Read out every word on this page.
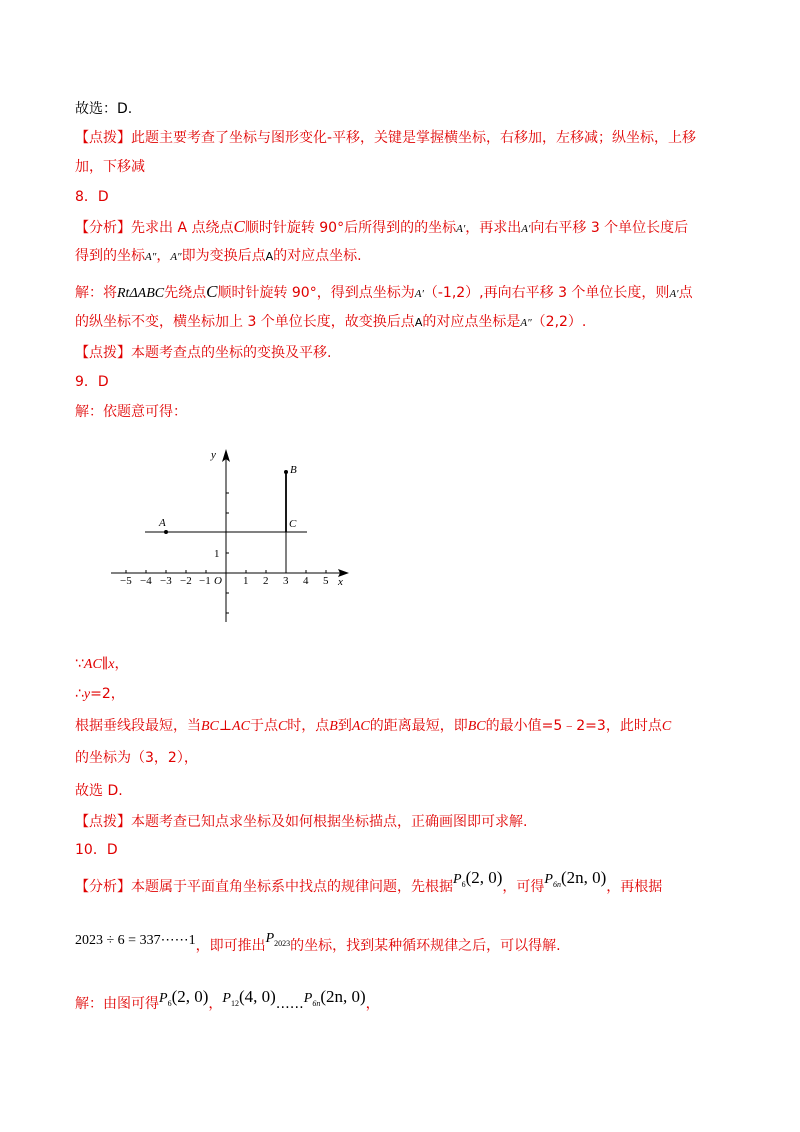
故选：D.
【点拨】此题主要考查了坐标与图形变化-平移，关键是掌握横坐标，右移加，左移减；纵坐标，上移
加，下移减
8．D
【分析】先求出 A 点绕点C顺时针旋转 90°后所得到的的坐标A′，再求出A′向右平移 3 个单位长度后
得到的坐标A″，A″即为变换后点A的对应点坐标.
解：将RtΔABC先绕点C顺时针旋转 90°，得到点坐标为A′（-1,2）,再向右平移 3 个单位长度，则A′点
的纵坐标不变，横坐标加上 3 个单位长度，故变换后点A的对应点坐标是A″（2,2）.
【点拨】本题考查点的坐标的变换及平移.
9．D
解：依题意可得：
−5 −4 −3 −2 −1	1 2 3 4 5
1
O	x
y
A
B
C
∵AC∥x，
∴y=2，
根据垂线段最短，当BC⊥AC于点C时，点B到AC的距离最短，即BC的最小值=5﹣2=3，此时点C
的坐标为（3，2），
故选 D.
【点拨】本题考查已知点求坐标及如何根据坐标描点，正确画图即可求解.
10．D
【分析】本题属于平面直角坐标系中找点的规律问题，先根据$P_6(2$, 0)，可得$P_{6n}(2n$, 0)，再根据
2023 ÷ 6 = 337⋯⋯1，即可推出$P_{2023}$的坐标，找到某种循环规律之后，可以得解.
解：由图可得$P_6(2$, 0)，$P_{12}(4$, $0)\dots\dots P_{6n}(2n$, 0)，
